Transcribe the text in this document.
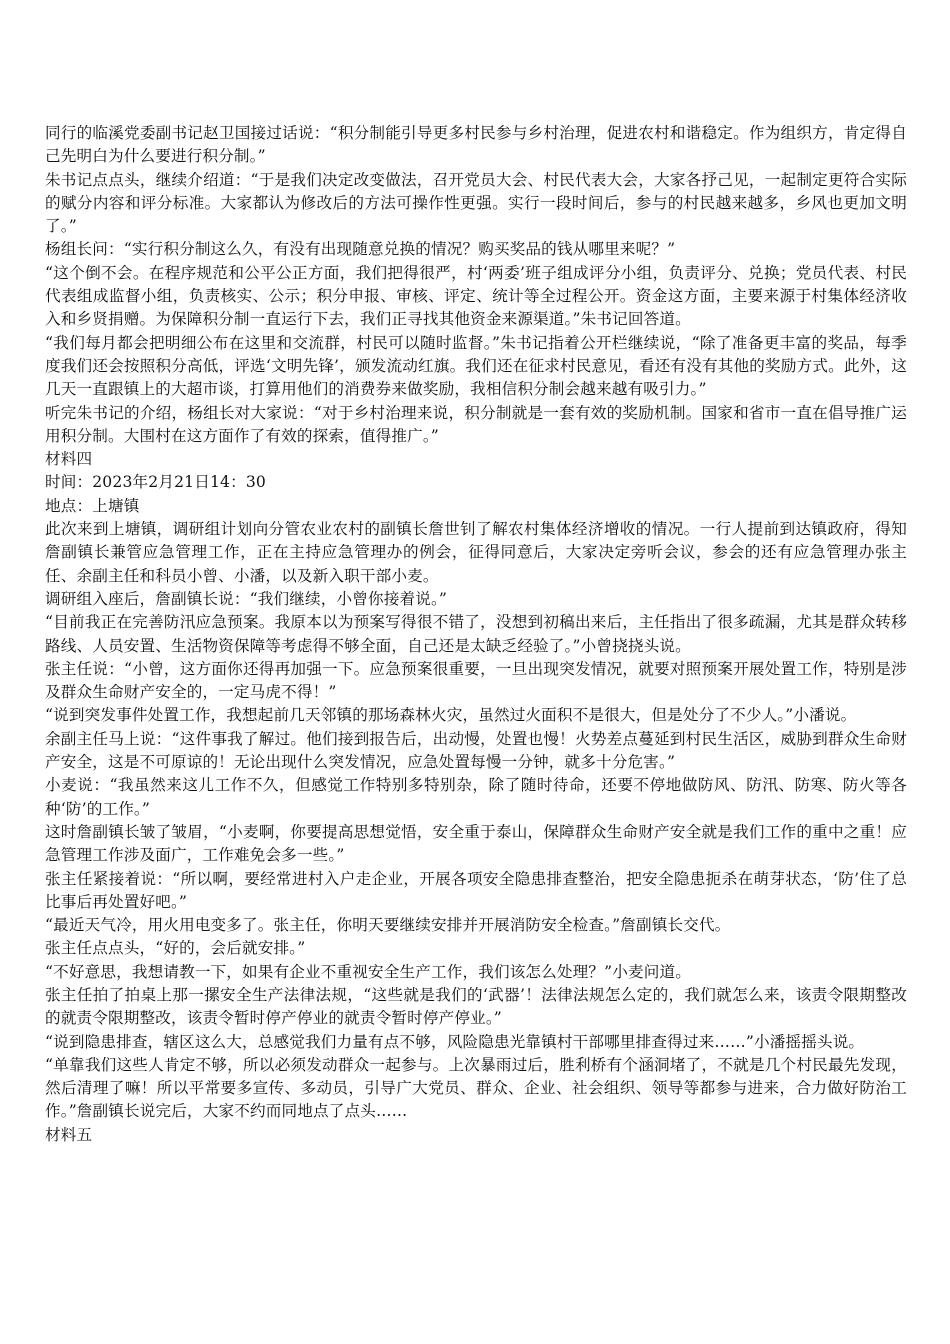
同行的临溪党委副书记赵卫国接过话说：“积分制能引导更多村民参与乡村治理，促进农村和谐稳定。作为组织方，肯定得自己先明白为什么要进行积分制。”

朱书记点点头，继续介绍道：“于是我们决定改变做法，召开党员大会、村民代表大会，大家各抒己见，一起制定更符合实际的赋分内容和评分标准。大家都认为修改后的方法可操作性更强。实行一段时间后，参与的村民越来越多，乡风也更加文明了。”

杨组长问：“实行积分制这么久，有没有出现随意兑换的情况？购买奖品的钱从哪里来呢？”

“这个倒不会。在程序规范和公平公正方面，我们把得很严，村‘两委’班子组成评分小组，负责评分、兑换；党员代表、村民代表组成监督小组，负责核实、公示；积分申报、审核、评定、统计等全过程公开。资金这方面，主要来源于村集体经济收入和乡贤捐赠。为保障积分制一直运行下去，我们正寻找其他资金来源渠道。”朱书记回答道。

“我们每月都会把明细公布在这里和交流群，村民可以随时监督。”朱书记指着公开栏继续说，“除了准备更丰富的奖品，每季度我们还会按照积分高低，评选‘文明先锋’，颁发流动红旗。我们还在征求村民意见，看还有没有其他的奖励方式。此外，这几天一直跟镇上的大超市谈，打算用他们的消费券来做奖励，我相信积分制会越来越有吸引力。”

听完朱书记的介绍，杨组长对大家说：“对于乡村治理来说，积分制就是一套有效的奖励机制。国家和省市一直在倡导推广运用积分制。大围村在这方面作了有效的探索，值得推广。”

材料四

时间：2023年2月21日14：30

地点：上塘镇

此次来到上塘镇，调研组计划向分管农业农村的副镇长詹世钊了解农村集体经济增收的情况。一行人提前到达镇政府，得知詹副镇长兼管应急管理工作，正在主持应急管理办的例会，征得同意后，大家决定旁听会议，参会的还有应急管理办张主任、余副主任和科员小曾、小潘，以及新入职干部小麦。

调研组入座后，詹副镇长说：“我们继续，小曾你接着说。”

“目前我正在完善防汛应急预案。我原本以为预案写得很不错了，没想到初稿出来后，主任指出了很多疏漏，尤其是群众转移路线、人员安置、生活物资保障等考虑得不够全面，自己还是太缺乏经验了。”小曾挠挠头说。

张主任说：“小曾，这方面你还得再加强一下。应急预案很重要，一旦出现突发情况，就要对照预案开展处置工作，特别是涉及群众生命财产安全的，一定马虎不得！”

“说到突发事件处置工作，我想起前几天邻镇的那场森林火灾，虽然过火面积不是很大，但是处分了不少人。”小潘说。

余副主任马上说：“这件事我了解过。他们接到报告后，出动慢，处置也慢！火势差点蔓延到村民生活区，威胁到群众生命财产安全，这是不可原谅的！无论出现什么突发情况，应急处置每慢一分钟，就多十分危害。”

小麦说：“我虽然来这儿工作不久，但感觉工作特别多特别杂，除了随时待命，还要不停地做防风、防汛、防寒、防火等各种‘防’的工作。”

这时詹副镇长皱了皱眉，“小麦啊，你要提高思想觉悟，安全重于泰山，保障群众生命财产安全就是我们工作的重中之重！应急管理工作涉及面广，工作难免会多一些。”

张主任紧接着说：“所以啊，要经常进村入户走企业，开展各项安全隐患排查整治，把安全隐患扼杀在萌芽状态，‘防’住了总比事后再处置好吧。”

“最近天气冷，用火用电变多了。张主任，你明天要继续安排并开展消防安全检查。”詹副镇长交代。

张主任点点头，“好的，会后就安排。”

“不好意思，我想请教一下，如果有企业不重视安全生产工作，我们该怎么处理？”小麦问道。

张主任拍了拍桌上那一摞安全生产法律法规，“这些就是我们的‘武器’！法律法规怎么定的，我们就怎么来，该责令限期整改的就责令限期整改，该责令暂时停产停业的就责令暂时停产停业。”

“说到隐患排查，辖区这么大，总感觉我们力量有点不够，风险隐患光靠镇村干部哪里排查得过来……”小潘摇摇头说。

“单靠我们这些人肯定不够，所以必须发动群众一起参与。上次暴雨过后，胜利桥有个涵洞堵了，不就是几个村民最先发现，然后清理了嘛！所以平常要多宣传、多动员，引导广大党员、群众、企业、社会组织、领导等都参与进来，合力做好防治工作。”詹副镇长说完后，大家不约而同地点了点头……

材料五
